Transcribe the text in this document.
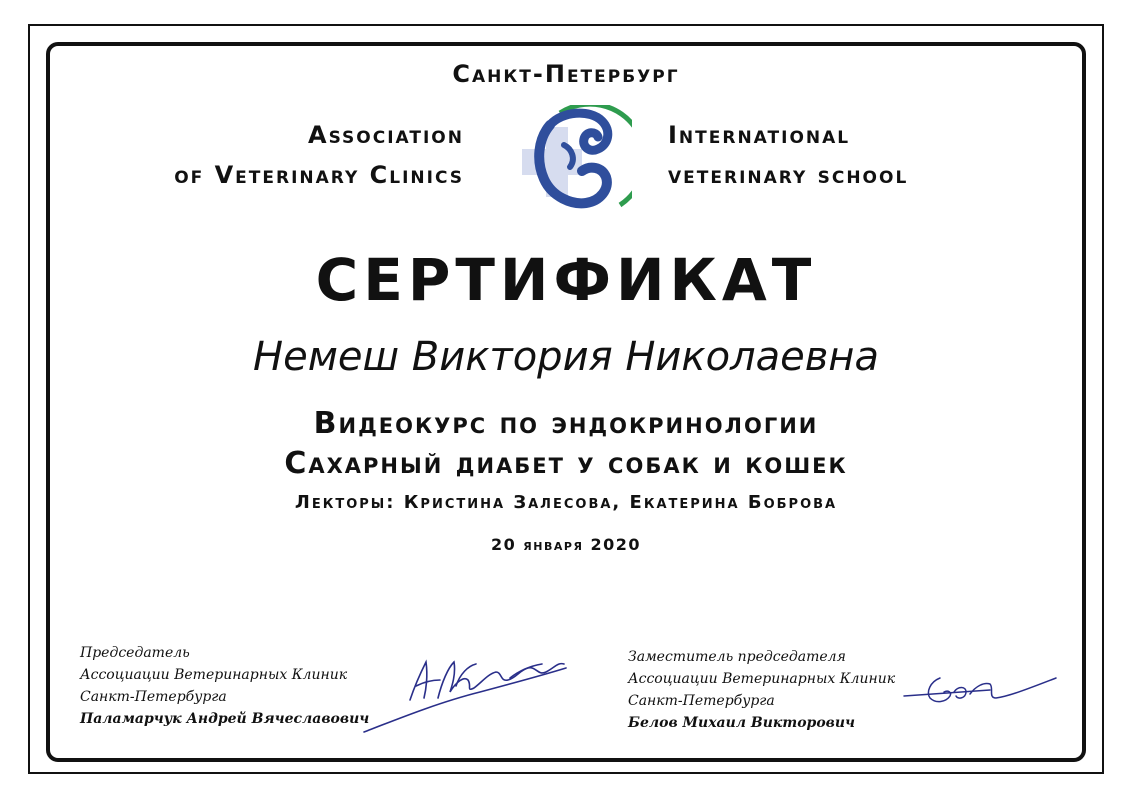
Санкт-Петербург
Association
of Veterinary Clinics
International
veterinary school
СЕРТИФИКАТ
Немеш Виктория Николаевна
Видеокурс по эндокринологии
Сахарный диабет у собак и кошек
Лекторы: Кристина Залесова, Екатерина Боброва
20 января 2020
Председатель
Ассоциации Ветеринарных Клиник
Санкт-Петербурга
Паламарчук Андрей Вячеславович
Заместитель председателя
Ассоциации Ветеринарных Клиник
Санкт-Петербурга
Белов Михаил Викторович
